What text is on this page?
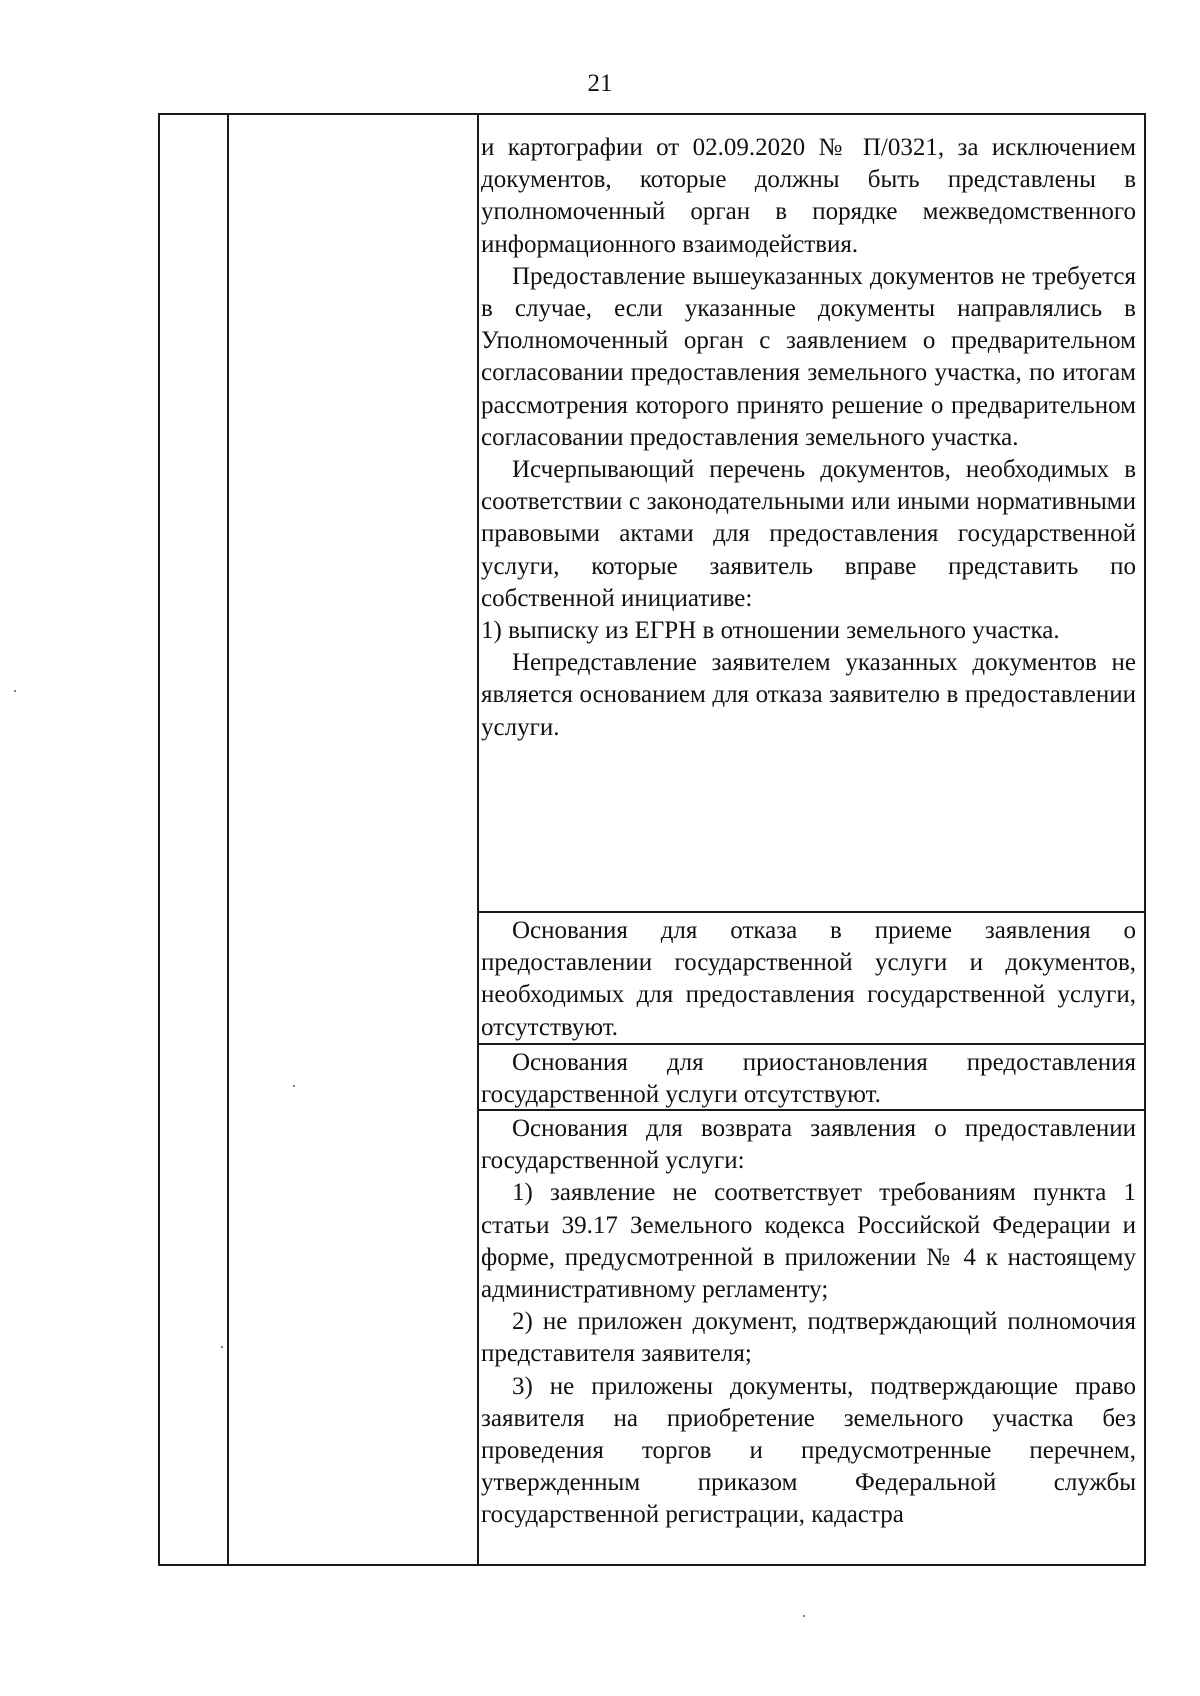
21

и картографии от 02.09.2020 № П/0321, за исключением документов, которые должны быть представлены в уполномоченный орган в порядке межведомственного информационного взаимодействия.

Предоставление вышеуказанных документов не требуется в случае, если указанные документы направлялись в Уполномоченный орган с заявлением о предварительном согласовании предоставления земельного участка, по итогам рассмотрения которого принято решение о предварительном согласовании предоставления земельного участка.

Исчерпывающий перечень документов, необходимых в соответствии с законодательными или иными нормативными правовыми актами для предоставления государственной услуги, которые заявитель вправе представить по собственной инициативе:

1) выписку из ЕГРН в отношении земельного участка.

Непредставление заявителем указанных документов не является основанием для отказа заявителю в предоставлении услуги.

Основания для отказа в приеме заявления о предоставлении государственной услуги и документов, необходимых для предоставления государственной услуги, отсутствуют.

Основания для приостановления предоставления государственной услуги отсутствуют.

Основания для возврата заявления о предоставлении государственной услуги:

1) заявление не соответствует требованиям пункта 1 статьи 39.17 Земельного кодекса Российской Федерации и форме, предусмотренной в приложении № 4 к настоящему административному регламенту;

2) не приложен документ, подтверждающий полномочия представителя заявителя;

3) не приложены документы, подтверждающие право заявителя на приобретение земельного участка без проведения торгов и предусмотренные перечнем, утвержденным приказом Федеральной службы государственной регистрации, кадастра
